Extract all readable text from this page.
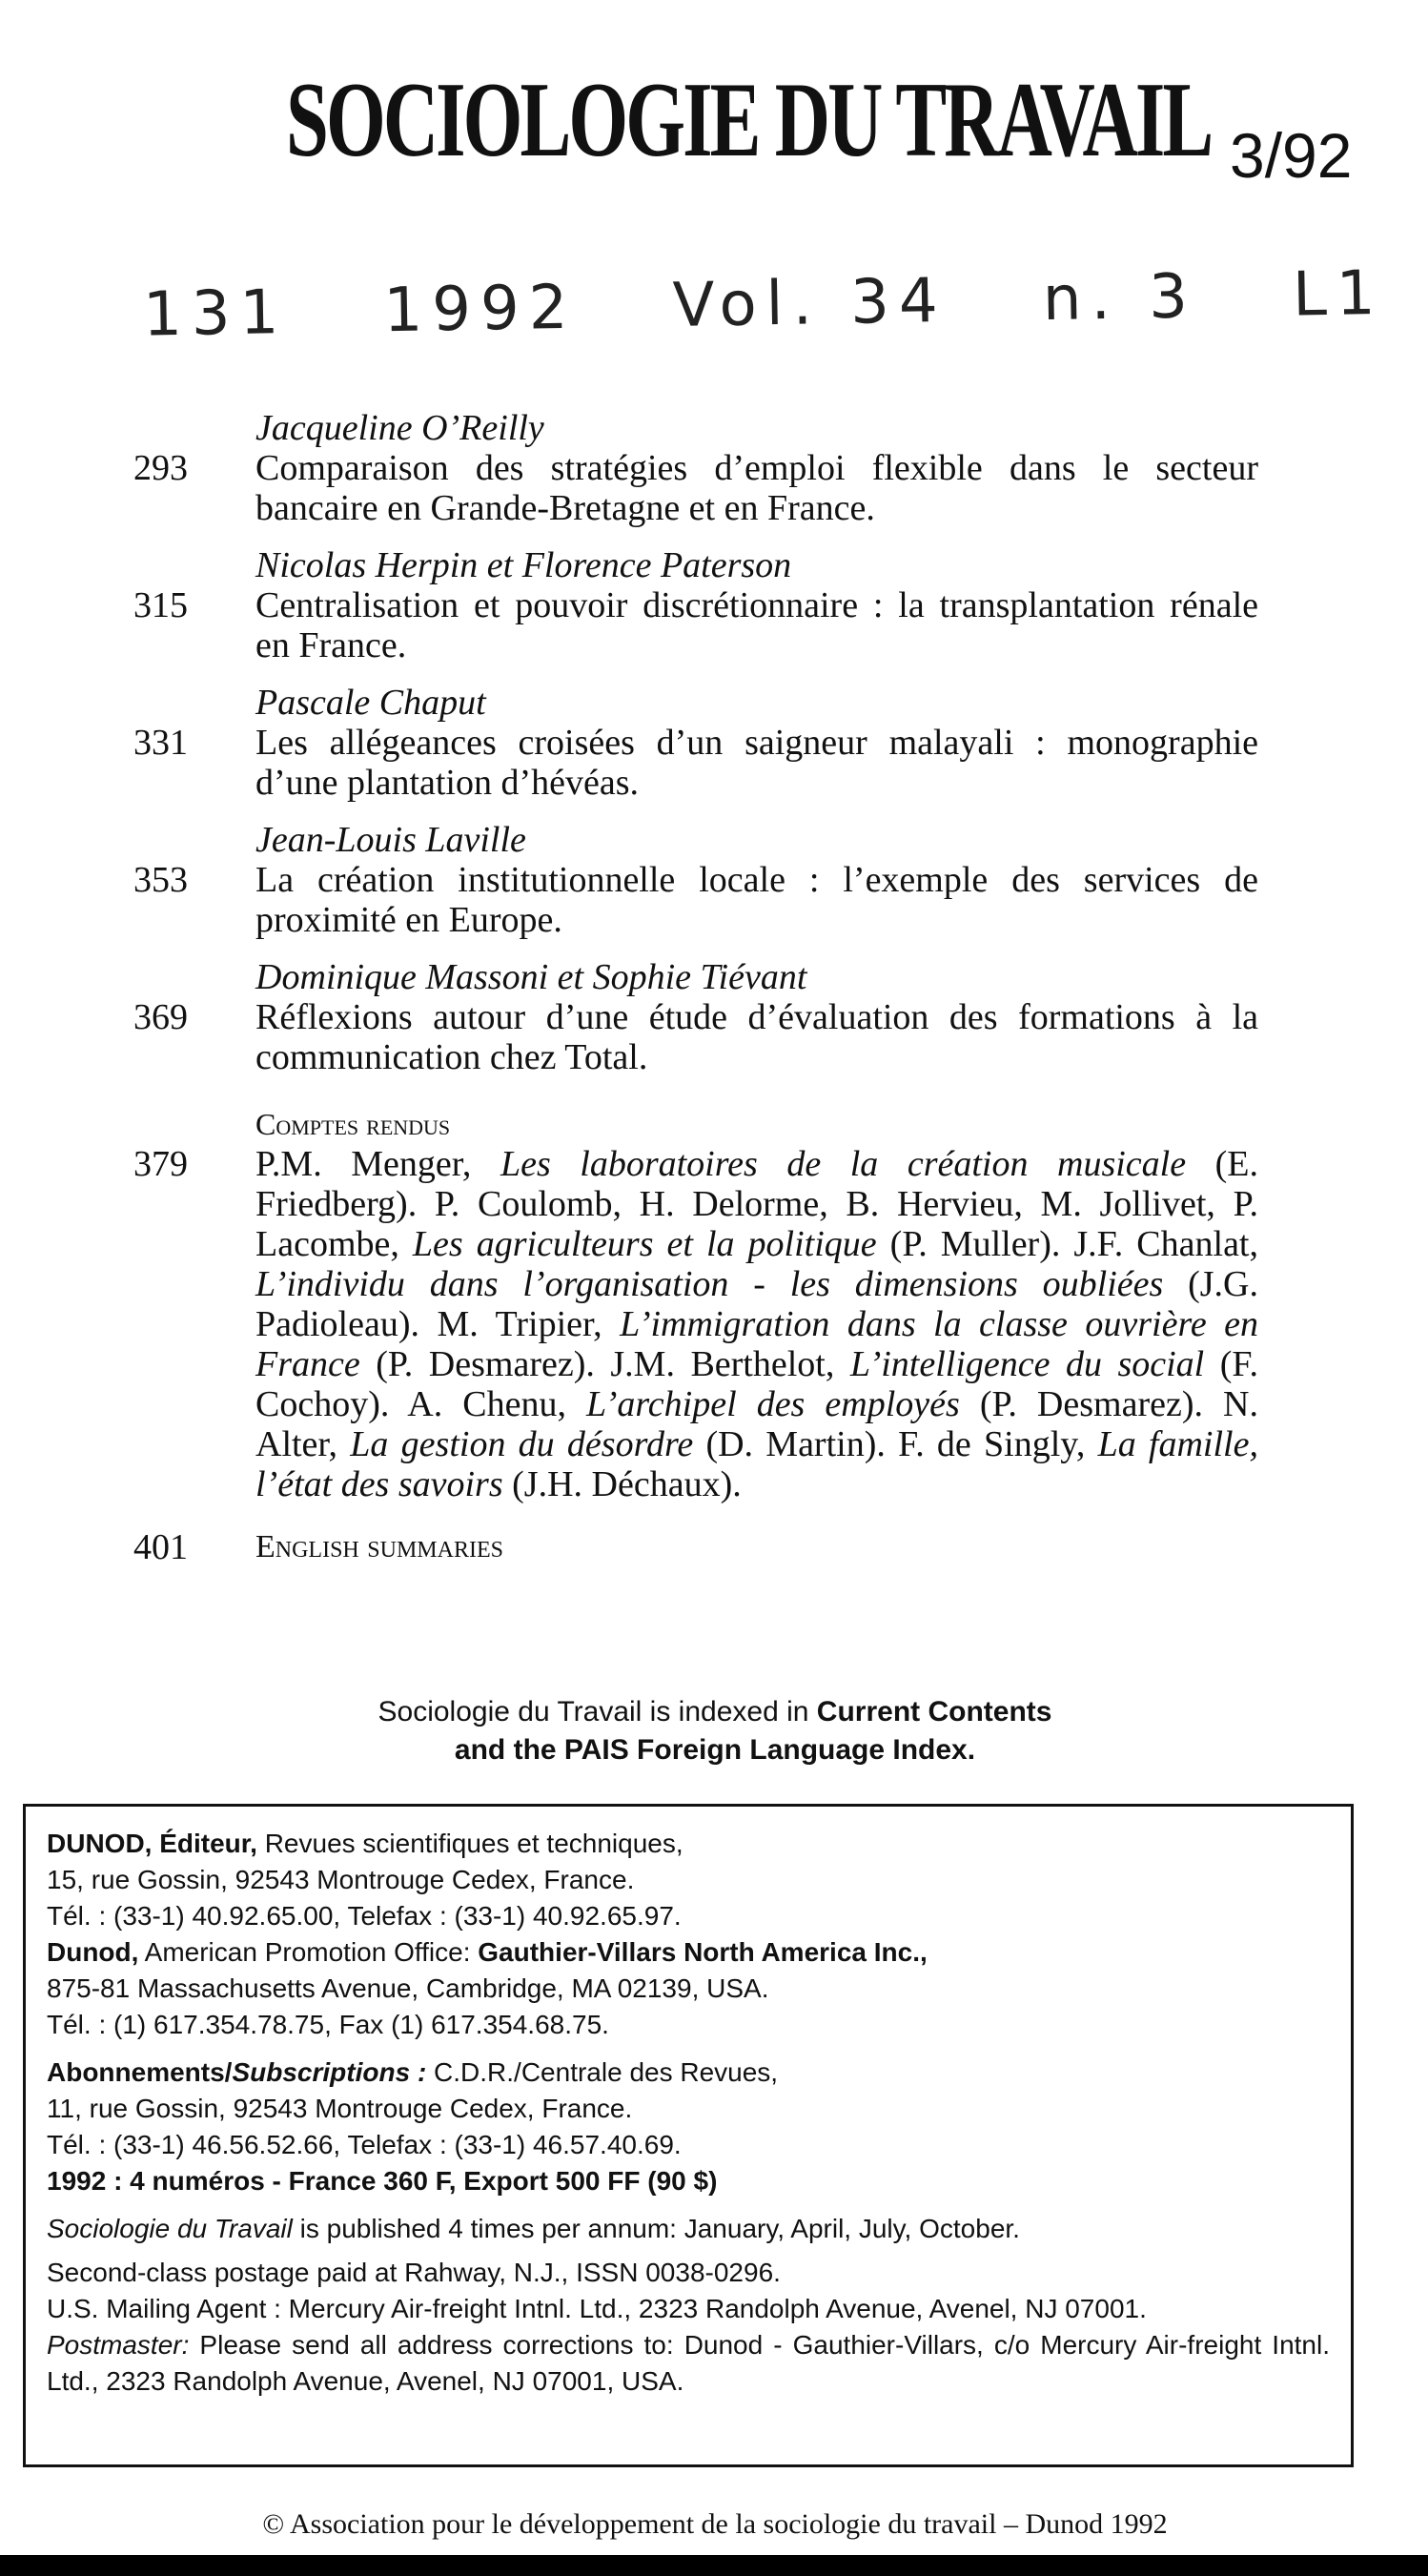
SOCIOLOGIE DU TRAVAIL 3/92
131 1992 Vol. 34 n. 3 L1
Jacqueline O’Reilly
293	Comparaison des stratégies d’emploi flexible dans le secteur bancaire en Grande-Bretagne et en France.
Nicolas Herpin et Florence Paterson
315	Centralisation et pouvoir discrétionnaire : la transplantation rénale en France.
Pascale Chaput
331	Les allégeances croisées d’un saigneur malayali : monographie d’une plantation d’hévéas.
Jean-Louis Laville
353	La création institutionnelle locale : l’exemple des services de proximité en Europe.
Dominique Massoni et Sophie Tiévant
369	Réflexions autour d’une étude d’évaluation des formations à la communication chez Total.
Comptes rendus
379	P.M. Menger, Les laboratoires de la création musicale (E. Friedberg). P. Coulomb, H. Delorme, B. Hervieu, M. Jollivet, P. Lacombe, Les agriculteurs et la politique (P. Muller). J.F. Chanlat, L’individu dans l’organisation - les dimensions oubliées (J.G. Padioleau). M. Tripier, L’immigration dans la classe ouvrière en France (P. Desmarez). J.M. Berthelot, L’intelligence du social (F. Cochoy). A. Chenu, L’archipel des employés (P. Desmarez). N. Alter, La gestion du désordre (D. Martin). F. de Singly, La famille, l’état des savoirs (J.H. Déchaux).
401	English summaries
Sociologie du Travail is indexed in Current Contents
and the PAIS Foreign Language Index.

DUNOD, Éditeur, Revues scientifiques et techniques,

15, rue Gossin, 92543 Montrouge Cedex, France.

Tél. : (33-1) 40.92.65.00, Telefax : (33-1) 40.92.65.97.

Dunod, American Promotion Office: Gauthier-Villars North America Inc.,

875-81 Massachusetts Avenue, Cambridge, MA 02139, USA.

Tél. : (1) 617.354.78.75, Fax (1) 617.354.68.75.

Abonnements/Subscriptions : C.D.R./Centrale des Revues,

11, rue Gossin, 92543 Montrouge Cedex, France.

Tél. : (33-1) 46.56.52.66, Telefax : (33-1) 46.57.40.69.

1992 : 4 numéros - France 360 F, Export 500 FF (90 $)

Sociologie du Travail is published 4 times per annum: January, April, July, October.

Second-class postage paid at Rahway, N.J., ISSN 0038-0296.

U.S. Mailing Agent : Mercury Air-freight Intnl. Ltd., 2323 Randolph Avenue, Avenel, NJ 07001.

Postmaster: Please send all address corrections to: Dunod - Gauthier-Villars, c/o Mercury Air-freight Intnl. Ltd., 2323 Randolph Avenue, Avenel, NJ 07001, USA.

© Association pour le développement de la sociologie du travail – Dunod 1992
